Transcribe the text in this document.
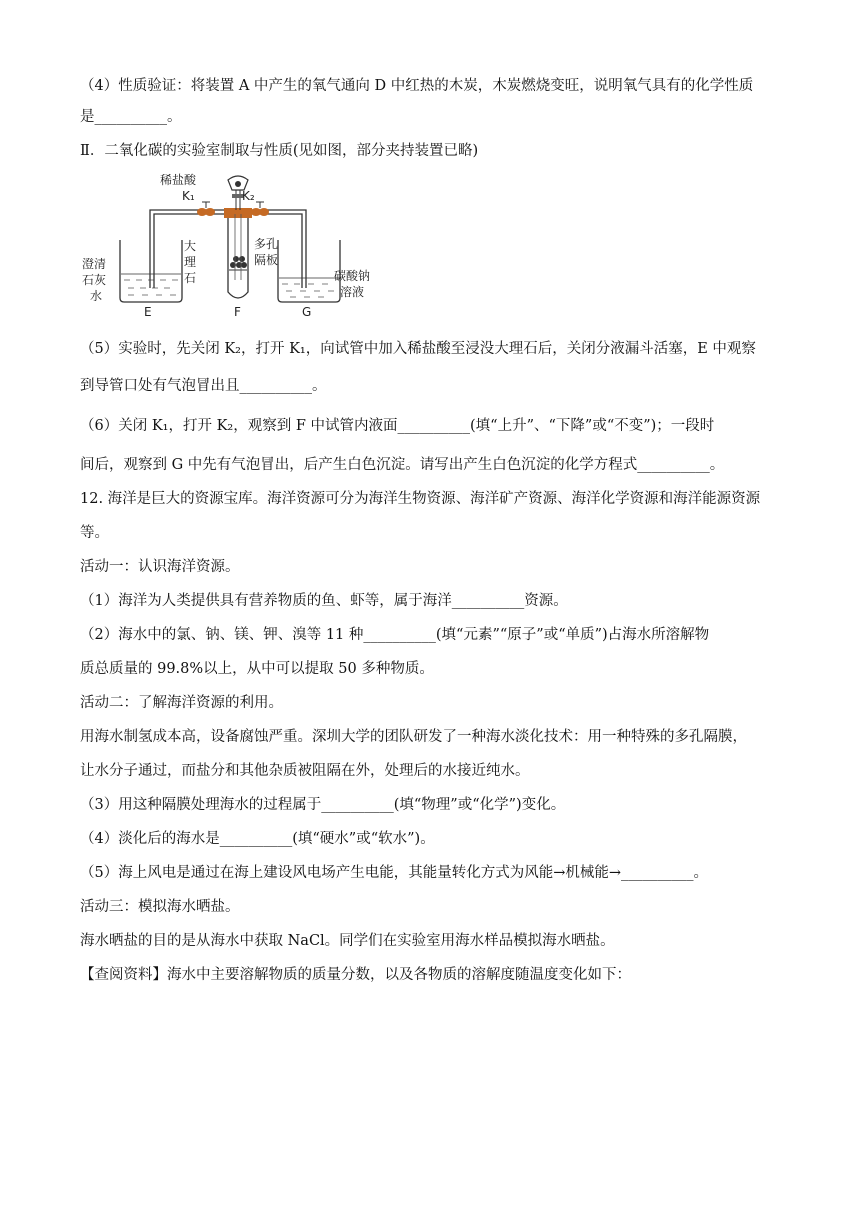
（4）性质验证：将装置 A 中产生的氧气通向 D 中红热的木炭，木炭燃烧变旺，说明氧气具有的化学性质
是__________。
Ⅱ．二氧化碳的实验室制取与性质(见如图，部分夹持装置已略)
稀盐酸
K₁	K₂
大
理
石
多孔
隔板
澄清
石灰
水
碳酸钠
溶液
E	F	G
（5）实验时，先关闭 K₂，打开 K₁，向试管中加入稀盐酸至浸没大理石后，关闭分液漏斗活塞，E 中观察
到导管口处有气泡冒出且__________。
（6）关闭 K₁，打开 K₂，观察到 F 中试管内液面__________(填“上升”、“下降”或“不变”)；一段时
间后，观察到 G 中先有气泡冒出，后产生白色沉淀。请写出产生白色沉淀的化学方程式__________。
12. 海洋是巨大的资源宝库。海洋资源可分为海洋生物资源、海洋矿产资源、海洋化学资源和海洋能源资源
等。
活动一：认识海洋资源。
（1）海洋为人类提供具有营养物质的鱼、虾等，属于海洋__________资源。
（2）海水中的氯、钠、镁、钾、溴等 11 种__________(填“元素”“原子”或“单质”)占海水所溶解物
质总质量的 99.8%以上，从中可以提取 50 多种物质。
活动二：了解海洋资源的利用。
用海水制氢成本高，设备腐蚀严重。深圳大学的团队研发了一种海水淡化技术：用一种特殊的多孔隔膜，
让水分子通过，而盐分和其他杂质被阻隔在外，处理后的水接近纯水。
（3）用这种隔膜处理海水的过程属于__________(填“物理”或“化学”)变化。
（4）淡化后的海水是__________(填“硬水”或“软水”)。
（5）海上风电是通过在海上建设风电场产生电能，其能量转化方式为风能→机械能→__________。
活动三：模拟海水晒盐。
海水晒盐的目的是从海水中获取 NaCl。同学们在实验室用海水样品模拟海水晒盐。
【查阅资料】海水中主要溶解物质的质量分数，以及各物质的溶解度随温度变化如下：
